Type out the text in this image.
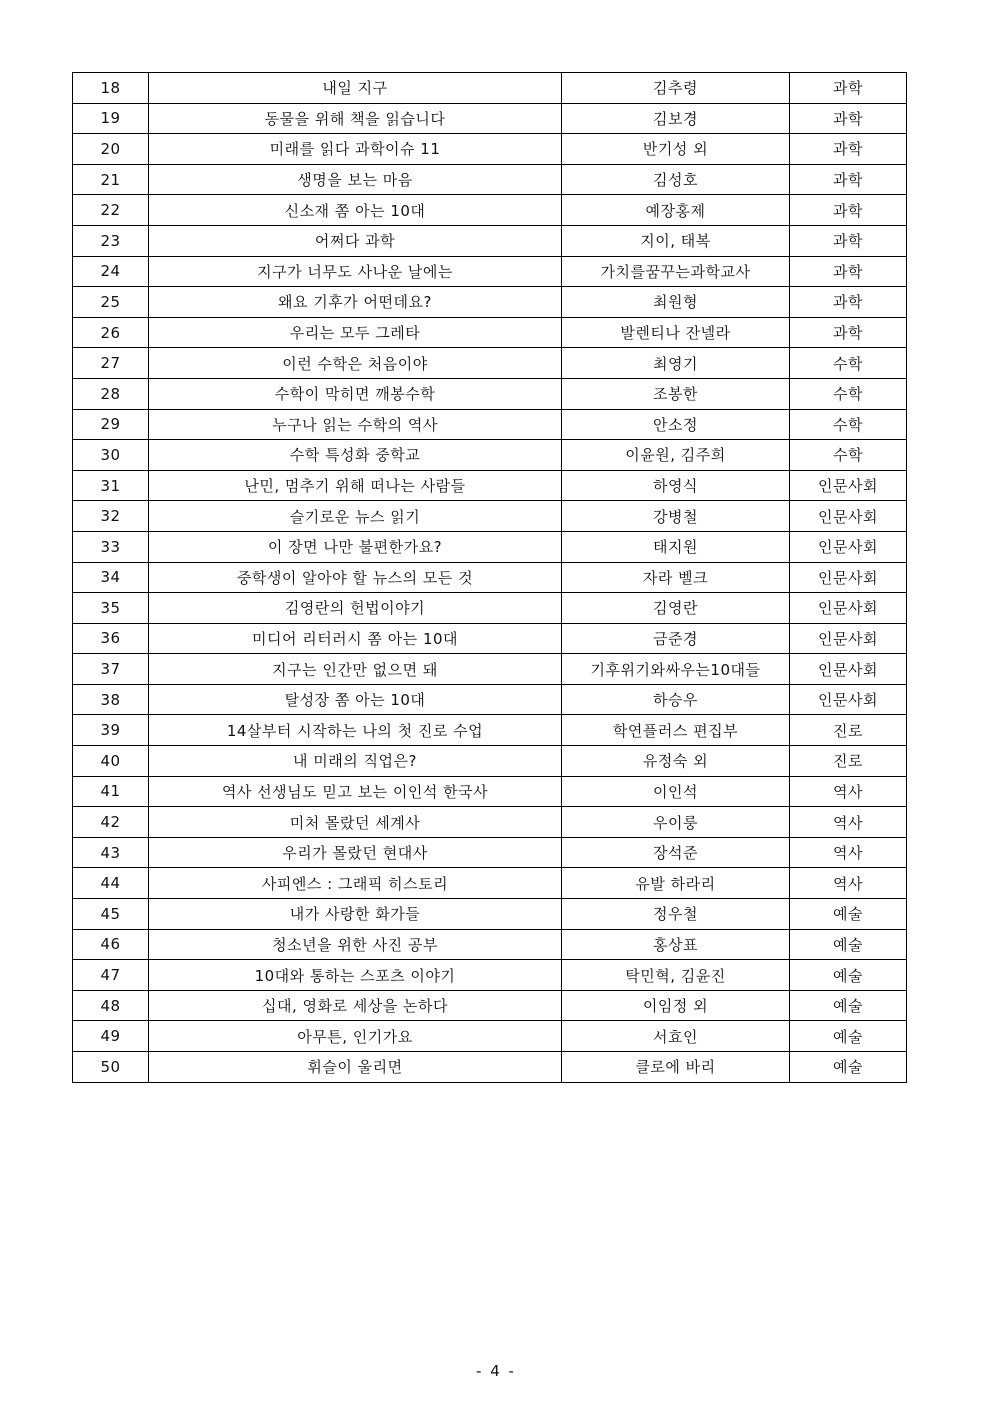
18	내일 지구	김추령	과학
19	동물을 위해 책을 읽습니다	김보경	과학
20	미래를 읽다 과학이슈 11	반기성 외	과학
21	생명을 보는 마음	김성호	과학
22	신소재 쫌 아는 10대	예장홍제	과학
23	어쩌다 과학	지이, 태복	과학
24	지구가 너무도 사나운 날에는	가치를꿈꾸는과학교사	과학
25	왜요 기후가 어떤데요?	최원형	과학
26	우리는 모두 그레타	발렌티나 잔넬라	과학
27	이런 수학은 처음이야	최영기	수학
28	수학이 막히면 깨봉수학	조봉한	수학
29	누구나 읽는 수학의 역사	안소정	수학
30	수학 특성화 중학교	이윤원, 김주희	수학
31	난민, 멈추기 위해 떠나는 사람들	하영식	인문사회
32	슬기로운 뉴스 읽기	강병철	인문사회
33	이 장면 나만 불편한가요?	태지원	인문사회
34	중학생이 알아야 할 뉴스의 모든 것	자라 벨크	인문사회
35	김영란의 헌법이야기	김영란	인문사회
36	미디어 리터러시 쫌 아는 10대	금준경	인문사회
37	지구는 인간만 없으면 돼	기후위기와싸우는10대들	인문사회
38	탈성장 쫌 아는 10대	하승우	인문사회
39	14살부터 시작하는 나의 첫 진로 수업	학연플러스 편집부	진로
40	내 미래의 직업은?	유정숙 외	진로
41	역사 선생님도 믿고 보는 이인석 한국사	이인석	역사
42	미처 몰랐던 세계사	우이룽	역사
43	우리가 몰랐던 현대사	장석준	역사
44	사피엔스 : 그래픽 히스토리	유발 하라리	역사
45	내가 사랑한 화가들	정우철	예술
46	청소년을 위한 사진 공부	홍상표	예술
47	10대와 통하는 스포츠 이야기	탁민혁, 김윤진	예술
48	십대, 영화로 세상을 논하다	이임정 외	예술
49	아무튼, 인기가요	서효인	예술
50	휘슬이 울리면	클로에 바리	예술
- 4 -
